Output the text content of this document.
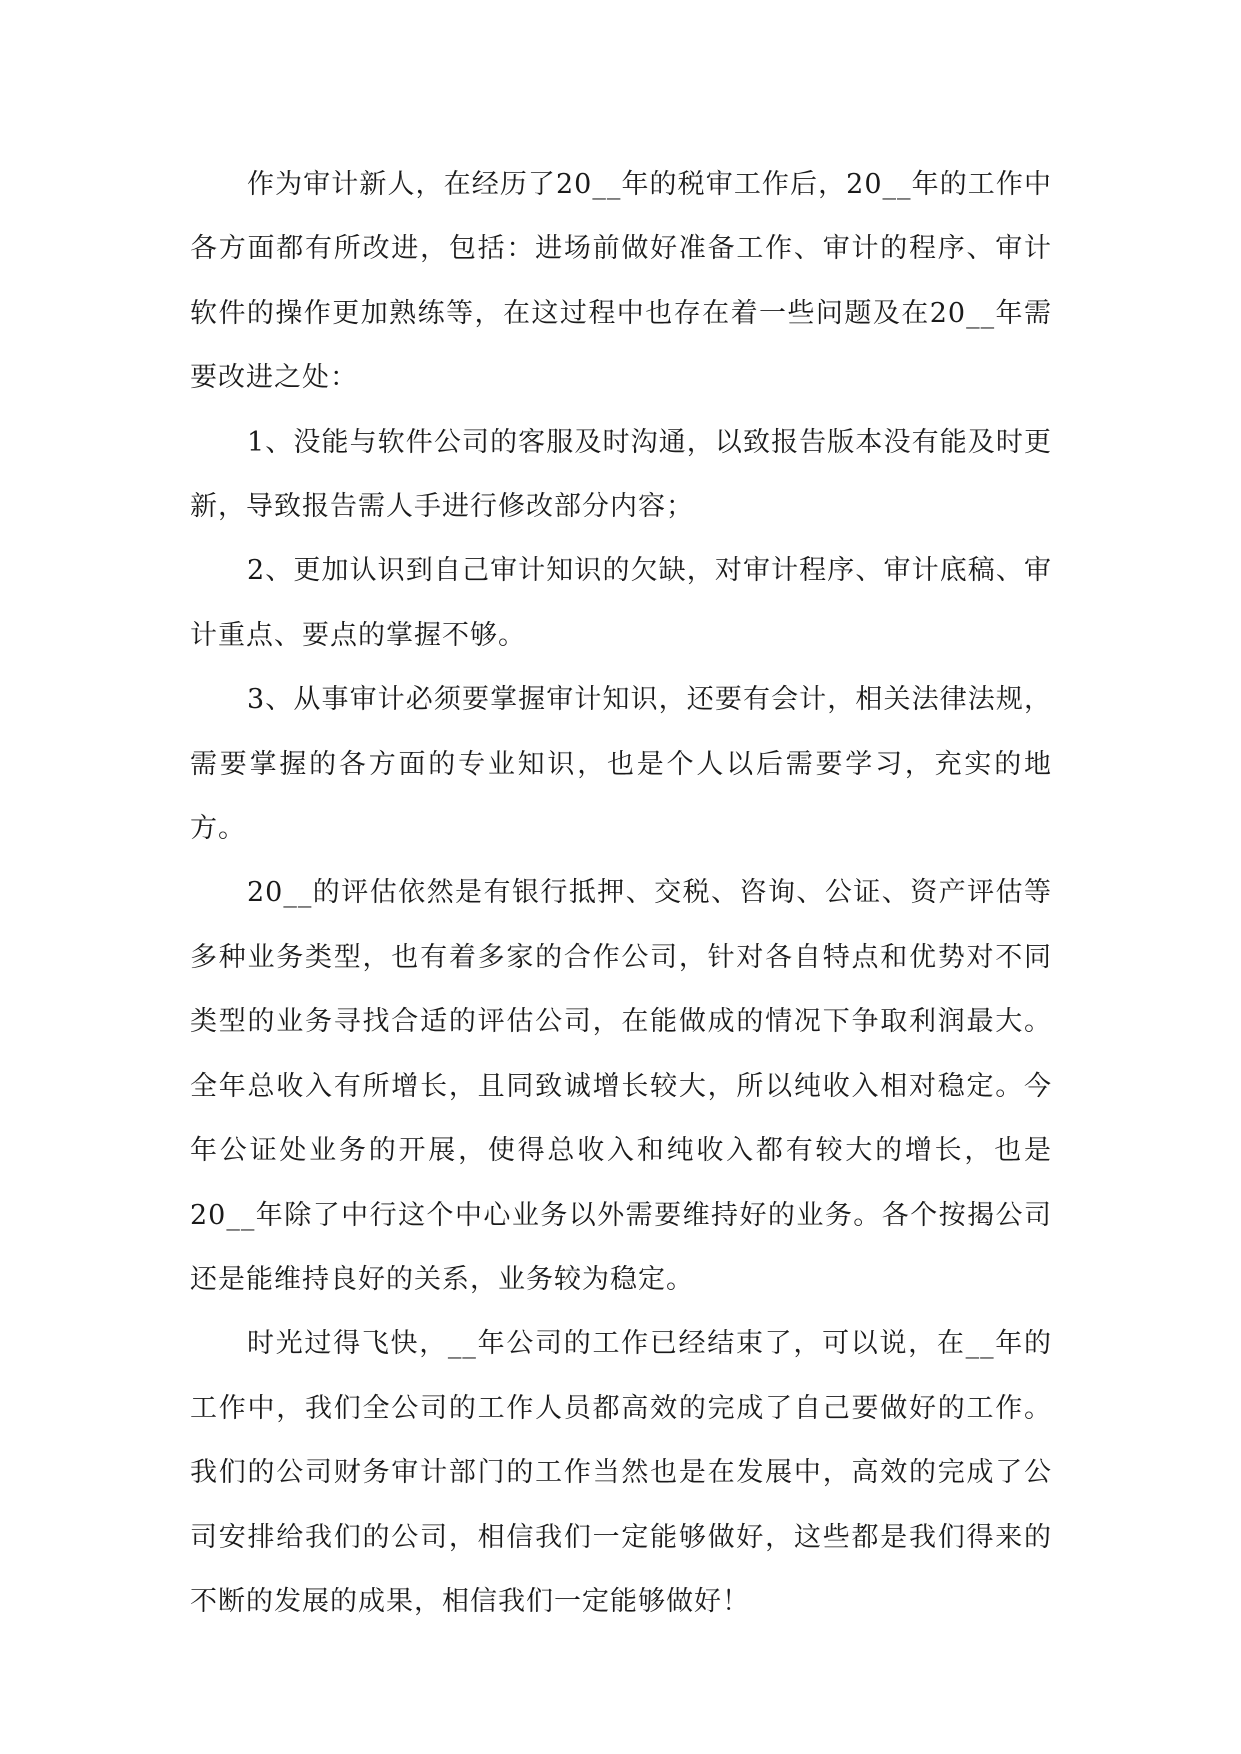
作为审计新人，在经历了20__年的税审工作后，20__年的工作中各方面都有所改进，包括：进场前做好准备工作、审计的程序、审计软件的操作更加熟练等，在这过程中也存在着一些问题及在20__年需要改进之处：

1、没能与软件公司的客服及时沟通，以致报告版本没有能及时更新，导致报告需人手进行修改部分内容；

2、更加认识到自己审计知识的欠缺，对审计程序、审计底稿、审计重点、要点的掌握不够。

3、从事审计必须要掌握审计知识，还要有会计，相关法律法规，需要掌握的各方面的专业知识，也是个人以后需要学习，充实的地方。

20__的评估依然是有银行抵押、交税、咨询、公证、资产评估等多种业务类型，也有着多家的合作公司，针对各自特点和优势对不同类型的业务寻找合适的评估公司，在能做成的情况下争取利润最大。全年总收入有所增长，且同致诚增长较大，所以纯收入相对稳定。今年公证处业务的开展，使得总收入和纯收入都有较大的增长，也是20__年除了中行这个中心业务以外需要维持好的业务。各个按揭公司还是能维持良好的关系，业务较为稳定。

时光过得飞快，__年公司的工作已经结束了，可以说，在__年的工作中，我们全公司的工作人员都高效的完成了自己要做好的工作。我们的公司财务审计部门的工作当然也是在发展中，高效的完成了公司安排给我们的公司，相信我们一定能够做好，这些都是我们得来的不断的发展的成果，相信我们一定能够做好！
